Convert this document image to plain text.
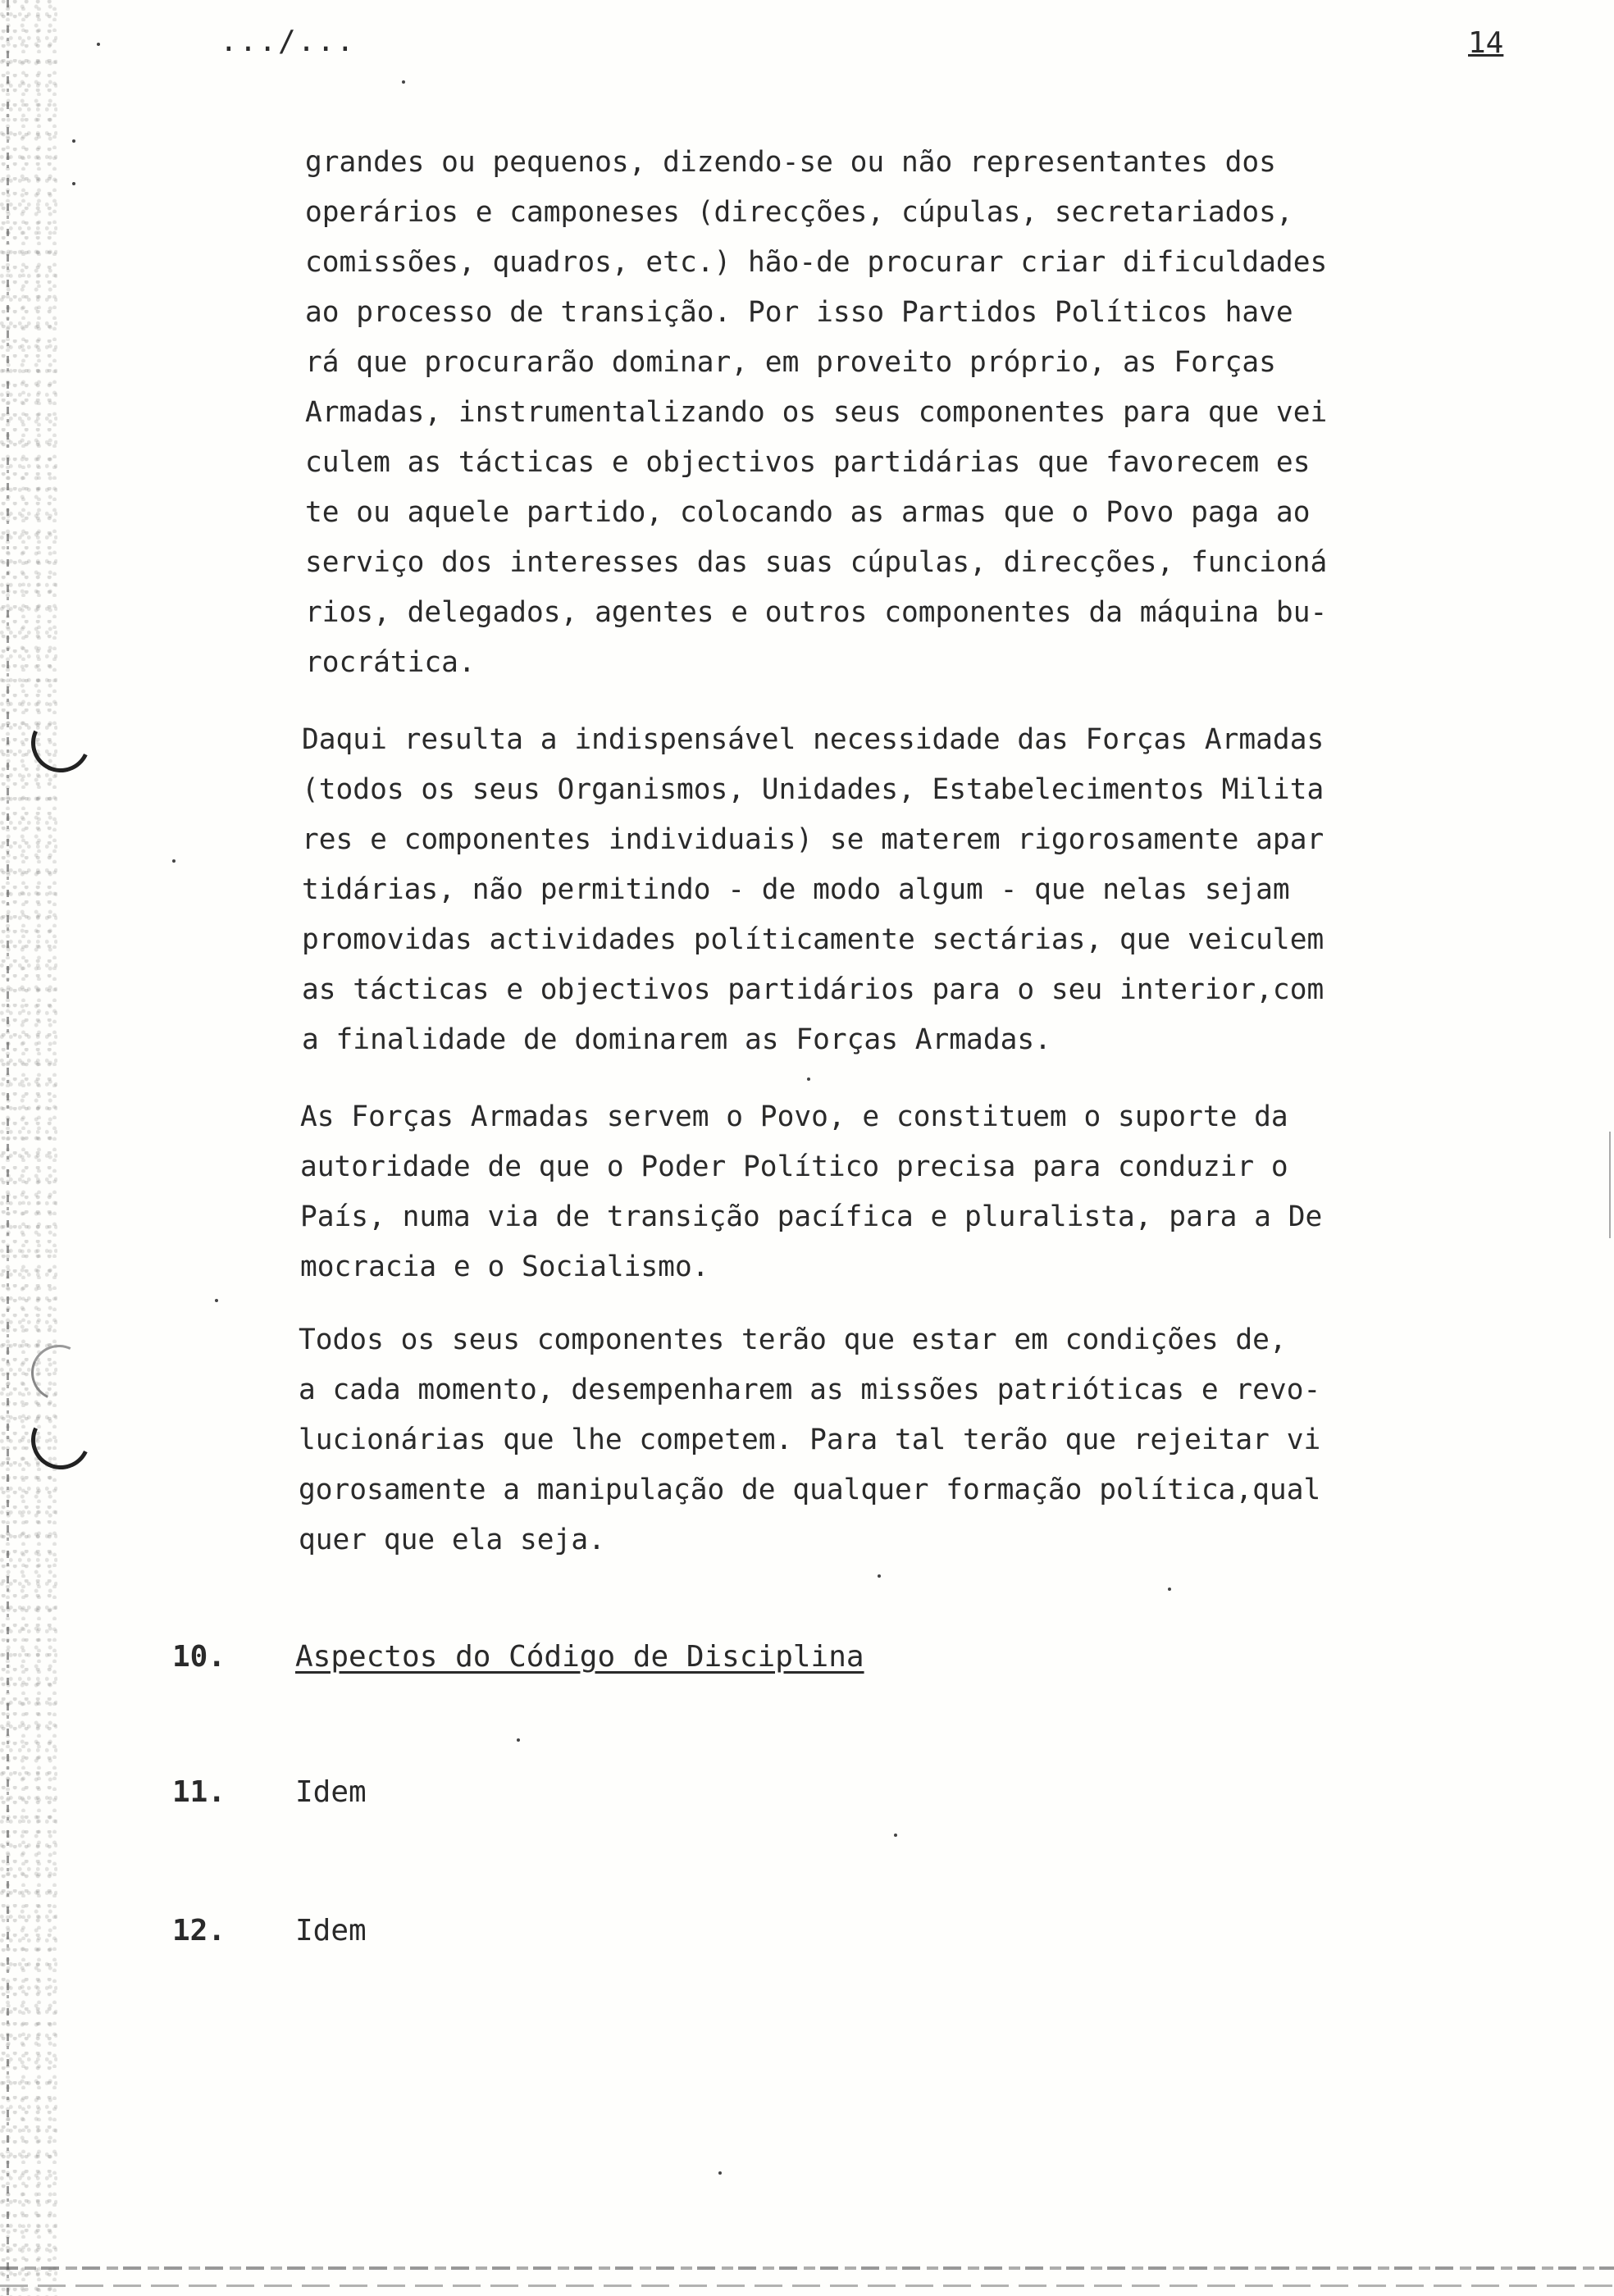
.../...	14

grandes ou pequenos, dizendo-se ou não representantes dos
operários e camponeses (direcções, cúpulas, secretariados,
comissões, quadros, etc.) hão-de procurar criar dificuldades
ao processo de transição. Por isso Partidos Políticos have
rá que procurarão dominar, em proveito próprio, as Forças
Armadas, instrumentalizando os seus componentes para que vei
culem as tácticas e objectivos partidárias que favorecem es
te ou aquele partido, colocando as armas que o Povo paga ao
serviço dos interesses das suas cúpulas, direcções, funcioná
rios, delegados, agentes e outros componentes da máquina bu-
rocrática.

Daqui resulta a indispensável necessidade das Forças Armadas
(todos os seus Organismos, Unidades, Estabelecimentos Milita
res e componentes individuais) se materem rigorosamente apar
tidárias, não permitindo - de modo algum - que nelas sejam
promovidas actividades políticamente sectárias, que veiculem
as tácticas e objectivos partidários para o seu interior,com
a finalidade de dominarem as Forças Armadas.

As Forças Armadas servem o Povo, e constituem o suporte da
autoridade de que o Poder Político precisa para conduzir o
País, numa via de transição pacífica e pluralista, para a De
mocracia e o Socialismo.

Todos os seus componentes terão que estar em condições de,
a cada momento, desempenharem as missões patrióticas e revo-
lucionárias que lhe competem. Para tal terão que rejeitar vi
gorosamente a manipulação de qualquer formação política,qual
quer que ela seja.

10. Aspectos do Código de Disciplina
11. Idem
12. Idem
